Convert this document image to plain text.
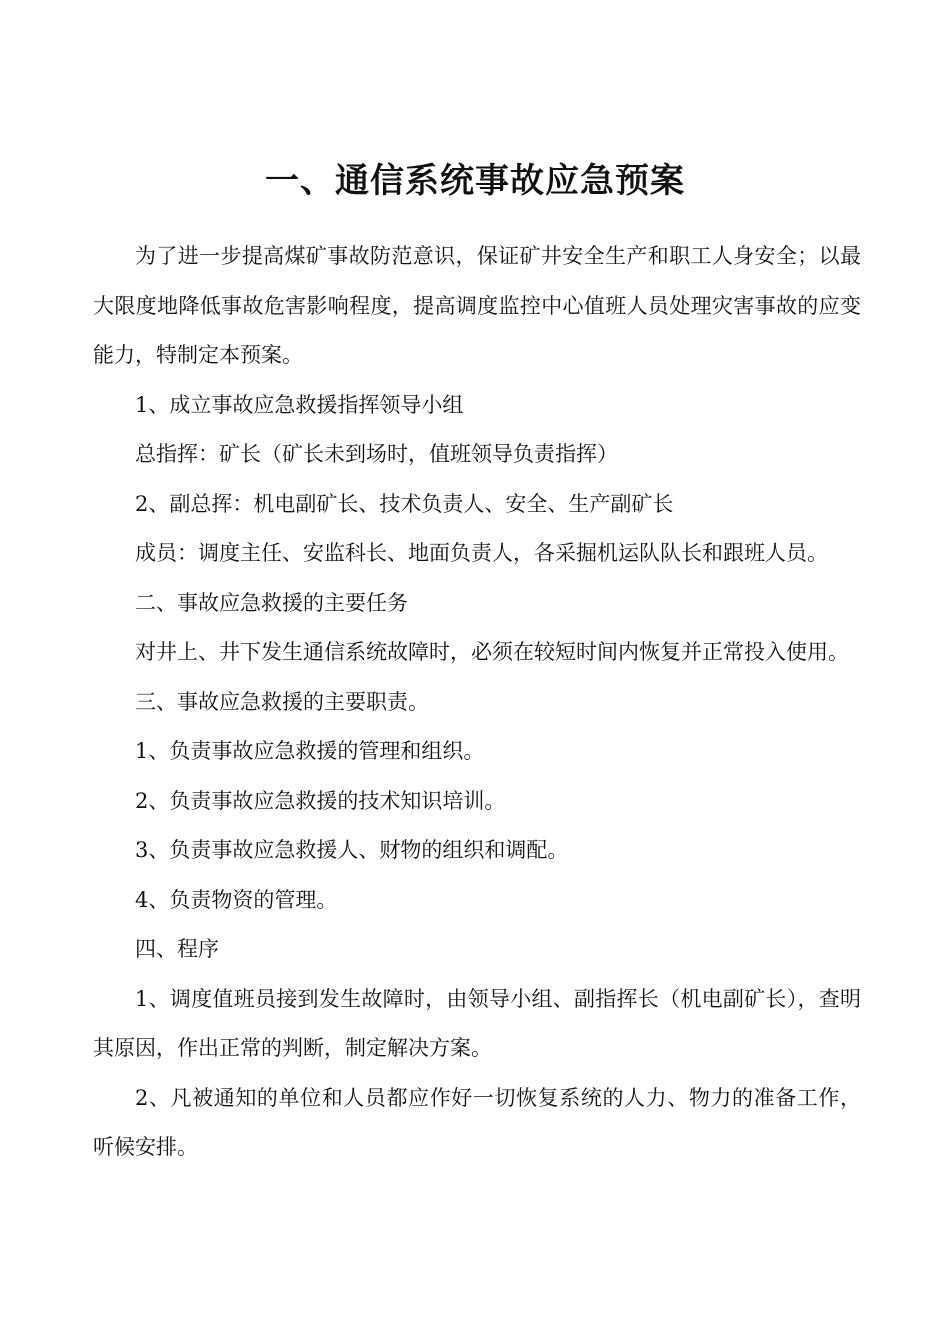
一、通信系统事故应急预案

为了进一步提高煤矿事故防范意识，保证矿井安全生产和职工人身安全；以最大限度地降低事故危害影响程度，提高调度监控中心值班人员处理灾害事故的应变能力，特制定本预案。

1、成立事故应急救援指挥领导小组

总指挥：矿长（矿长未到场时，值班领导负责指挥）

2、副总挥：机电副矿长、技术负责人、安全、生产副矿长

成员：调度主任、安监科长、地面负责人，各采掘机运队队长和跟班人员。

二、事故应急救援的主要任务

对井上、井下发生通信系统故障时，必须在较短时间内恢复并正常投入使用。

三、事故应急救援的主要职责。

1、负责事故应急救援的管理和组织。

2、负责事故应急救援的技术知识培训。

3、负责事故应急救援人、财物的组织和调配。

4、负责物资的管理。

四、程序

1、调度值班员接到发生故障时，由领导小组、副指挥长（机电副矿长），查明其原因，作出正常的判断，制定解决方案。

2、凡被通知的单位和人员都应作好一切恢复系统的人力、物力的准备工作，听候安排。
